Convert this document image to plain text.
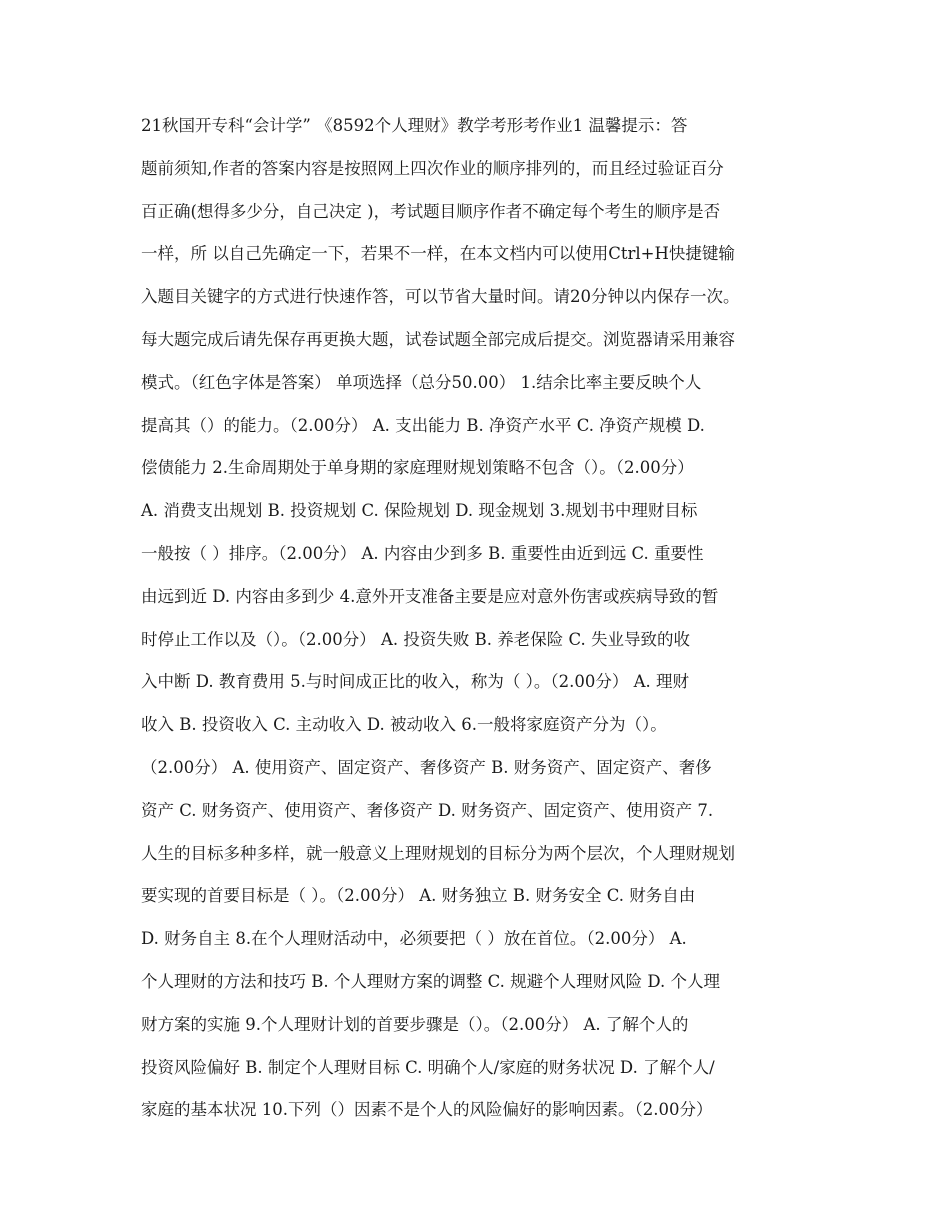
21秋国开专科“会计学” 《8592个人理财》教学考形考作业1 温馨提示：答
题前须知,作者的答案内容是按照网上四次作业的顺序排列的，而且经过验证百分
百正确(想得多少分，自己决定 )，考试题目顺序作者不确定每个考生的顺序是否
一样，所 以自己先确定一下，若果不一样，在本文档内可以使用Ctrl+H快捷键输
入题目关键字的方式进行快速作答，可以节省大量时间。请20分钟以内保存一次。
每大题完成后请先保存再更换大题，试卷试题全部完成后提交。浏览器请采用兼容
模式。（红色字体是答案） 单项选择（总分50.00） 1.结余比率主要反映个人
提高其（）的能力。（2.00分） A. 支出能力 B. 净资产水平 C. 净资产规模 D.
偿债能力 2.生命周期处于单身期的家庭理财规划策略不包含（）。（2.00分）
A. 消费支出规划 B. 投资规划 C. 保险规划 D. 现金规划 3.规划书中理财目标
一般按（ ）排序。（2.00分） A. 内容由少到多 B. 重要性由近到远 C. 重要性
由远到近 D. 内容由多到少 4.意外开支准备主要是应对意外伤害或疾病导致的暂
时停止工作以及（）。（2.00分） A. 投资失败 B. 养老保险 C. 失业导致的收
入中断 D. 教育费用 5.与时间成正比的收入，称为（ ）。（2.00分） A. 理财
收入 B. 投资收入 C. 主动收入 D. 被动收入 6.一般将家庭资产分为（）。
（2.00分） A. 使用资产、固定资产、奢侈资产 B. 财务资产、固定资产、奢侈
资产 C. 财务资产、使用资产、奢侈资产 D. 财务资产、固定资产、使用资产 7.
人生的目标多种多样，就一般意义上理财规划的目标分为两个层次，个人理财规划
要实现的首要目标是（ ）。（2.00分） A. 财务独立 B. 财务安全 C. 财务自由
D. 财务自主 8.在个人理财活动中，必须要把（ ）放在首位。（2.00分） A.
个人理财的方法和技巧 B. 个人理财方案的调整 C. 规避个人理财风险 D. 个人理
财方案的实施 9.个人理财计划的首要步骤是（）。（2.00分） A. 了解个人的
投资风险偏好 B. 制定个人理财目标 C. 明确个人/家庭的财务状况 D. 了解个人/
家庭的基本状况 10.下列（）因素不是个人的风险偏好的影响因素。（2.00分）
